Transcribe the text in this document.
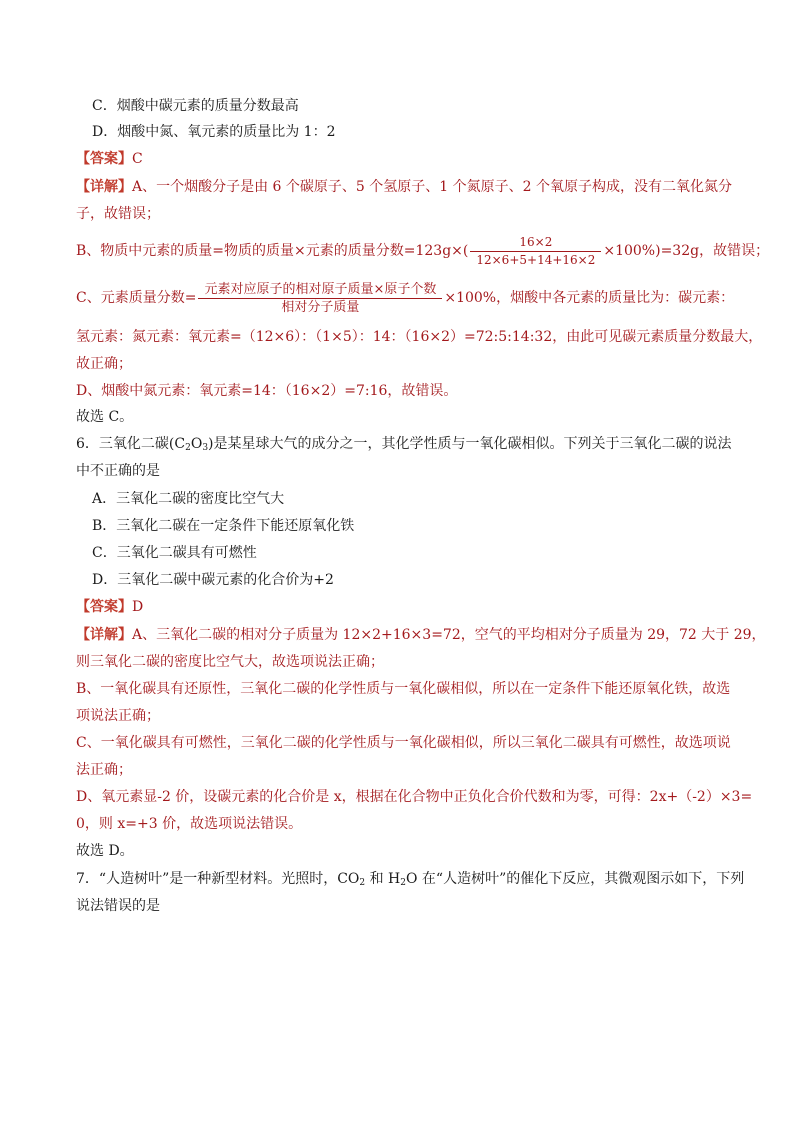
C．烟酸中碳元素的质量分数最高
D．烟酸中氮、氧元素的质量比为 1：2
【答案】C
【详解】A、一个烟酸分子是由 6 个碳原子、5 个氢原子、1 个氮原子、2 个氧原子构成，没有二氧化氮分
子，故错误；
B、物质中元素的质量=物质的质量×元素的质量分数$=123g\times( \frac{16\times 2}{12\times 6+5+14+16\times 2} \times 100\%)=32g$，故错误；
C、元素质量分数= $\frac{\text{元素对应原子的相对原子质量×原子个数}}{\text{相对分子质量}} \times 100\%$，烟酸中各元素的质量比为：碳元素：
氢元素：氮元素：氧元素=（12×6）：（1×5）：14：（16×2）=72:5:14:32，由此可见碳元素质量分数最大，
故正确；
D、烟酸中氮元素：氧元素=14：（16×2）=7:16，故错误。
故选 C。
6．三氧化二碳$(C_2O_3)$是某星球大气的成分之一，其化学性质与一氧化碳相似。下列关于三氧化二碳的说法
中不正确的是
A．三氧化二碳的密度比空气大
B．三氧化二碳在一定条件下能还原氧化铁
C．三氧化二碳具有可燃性
D．三氧化二碳中碳元素的化合价为+2
【答案】D
【详解】A、三氧化二碳的相对分子质量为 12×2+16×3=72，空气的平均相对分子质量为 29，72 大于 29，
则三氧化二碳的密度比空气大，故选项说法正确；
B、一氧化碳具有还原性，三氧化二碳的化学性质与一氧化碳相似，所以在一定条件下能还原氧化铁，故选
项说法正确；
C、一氧化碳具有可燃性，三氧化二碳的化学性质与一氧化碳相似，所以三氧化二碳具有可燃性，故选项说
法正确；
D、氧元素显-2 价，设碳元素的化合价是 x，根据在化合物中正负化合价代数和为零，可得：2x+（-2）×3=
0，则 x=+3 价，故选项说法错误。
故选 D。
7．“人造树叶”是一种新型材料。光照时，$CO_2$ 和 $H_2O$ 在“人造树叶”的催化下反应，其微观图示如下，下列
说法错误的是
